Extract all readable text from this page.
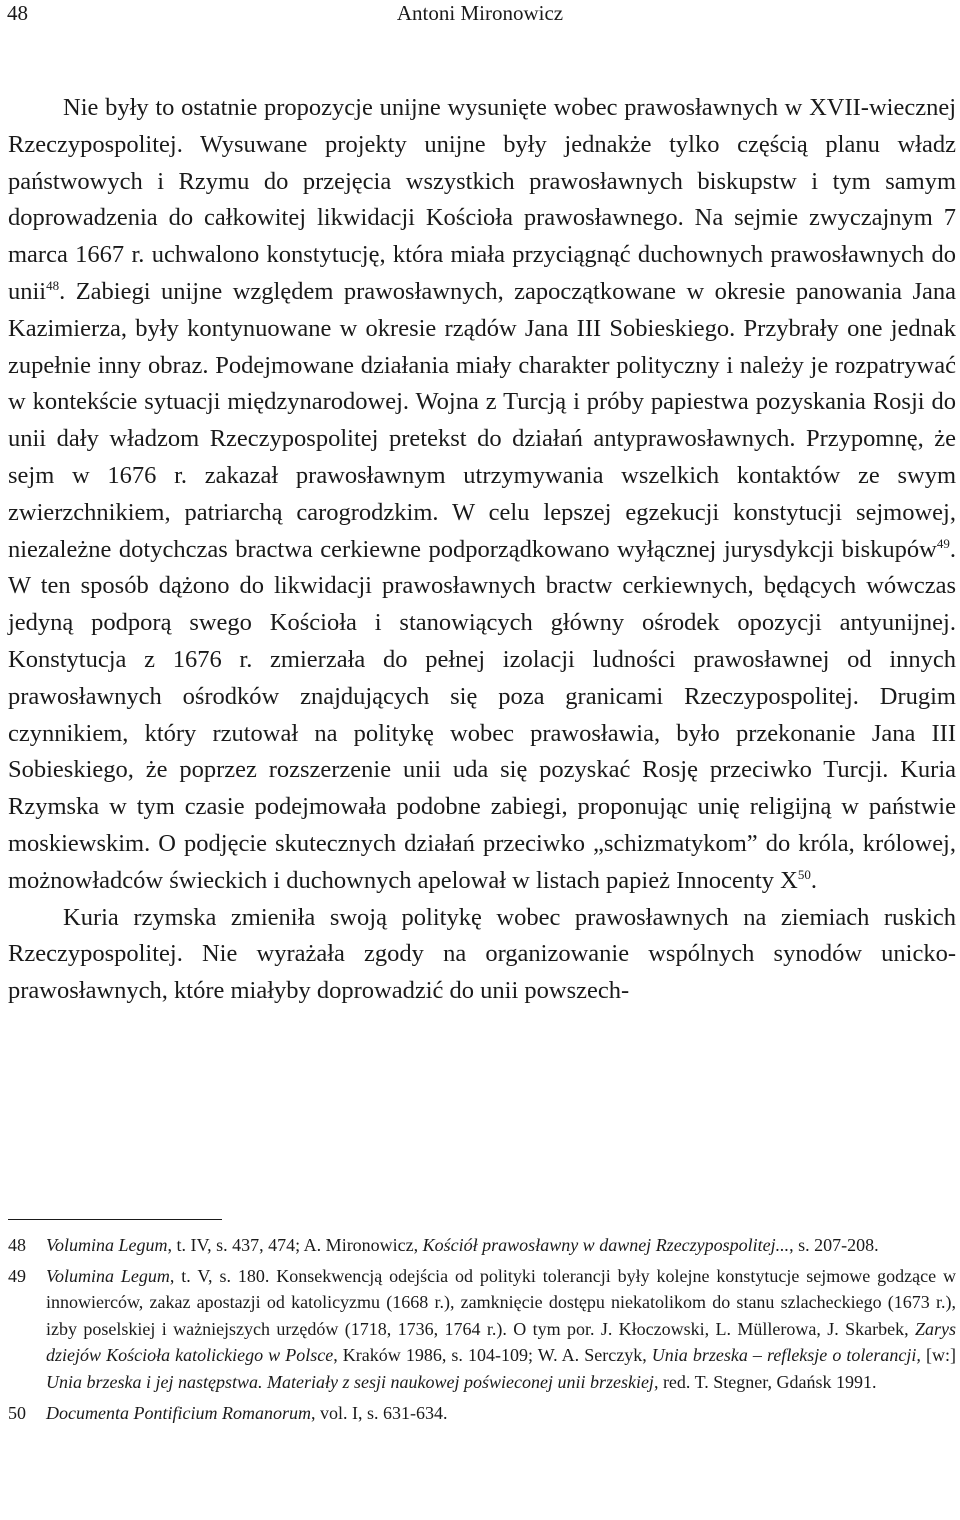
Antoni Mironowicz
48

Nie były to ostatnie propozycje unijne wysunięte wobec prawosławnych w XVII-wiecznej Rzeczypospolitej. Wysuwane projekty unijne były jednakże tylko częścią planu władz państwowych i Rzymu do przejęcia wszystkich prawosławnych biskupstw i tym samym doprowadzenia do całkowitej likwidacji Kościoła prawosławnego. Na sejmie zwyczajnym 7 marca 1667 r. uchwalono konstytucję, która miała przyciągnąć duchownych prawosławnych do unii$^{48}$. Zabiegi unijne względem prawosławnych, zapoczątkowane w okresie panowania Jana Kazimierza, były kontynuowane w okresie rządów Jana III Sobieskiego. Przybrały one jednak zupełnie inny obraz. Podejmowane działania miały charakter polityczny i należy je rozpatrywać w kontekście sytuacji międzynarodowej. Wojna z Turcją i próby papiestwa pozyskania Rosji do unii dały władzom Rzeczypospolitej pretekst do działań antyprawosławnych. Przypomnę, że sejm w 1676 r. zakazał prawosławnym utrzymywania wszelkich kontaktów ze swym zwierzchnikiem, patriarchą carogrodzkim. W celu lepszej egzekucji konstytucji sejmowej, niezależne dotychczas bractwa cerkiewne podporządkowano wyłącznej jurysdykcji biskupów$^{49}$. W ten sposób dążono do likwidacji prawosławnych bractw cerkiewnych, będących wówczas jedyną podporą swego Kościoła i stanowiących główny ośrodek opozycji antyunijnej. Konstytucja z 1676 r. zmierzała do pełnej izolacji ludności prawosławnej od innych prawosławnych ośrodków znajdujących się poza granicami Rzeczypospolitej. Drugim czynnikiem, który rzutował na politykę wobec prawosławia, było przekonanie Jana III Sobieskiego, że poprzez rozszerzenie unii uda się pozyskać Rosję przeciwko Turcji. Kuria Rzymska w tym czasie podejmowała podobne zabiegi, proponując unię religijną w państwie moskiewskim. O podjęcie skutecznych działań przeciwko „schizmatykom” do króla, królowej, możnowładców świeckich i duchownych apelował w listach papież Innocenty $X^{50}$.

Kuria rzymska zmieniła swoją politykę wobec prawosławnych na ziemiach ruskich Rzeczypospolitej. Nie wyrażała zgody na organizowanie wspólnych synodów unicko-prawosławnych, które miałyby doprowadzić do unii powszech-

48	Volumina Legum, t. IV, s. 437, 474; A. Mironowicz, Kościół prawosławny w dawnej Rzeczypospolitej..., s. 207-208.
49	Volumina Legum, t. V, s. 180. Konsekwencją odejścia od polityki tolerancji były kolejne konstytucje sejmowe godzące w innowierców, zakaz apostazji od katolicyzmu (1668 r.), zamknięcie dostępu niekatolikom do stanu szlacheckiego (1673 r.), izby poselskiej i ważniejszych urzędów (1718, 1736, 1764 r.). O tym por. J. Kłoczowski, L. Müllerowa, J. Skarbek, Zarys dziejów Kościoła katolickiego w Polsce, Kraków 1986, s. 104-109; W. A. Serczyk, Unia brzeska – refleksje o tolerancji, [w:] Unia brzeska i jej następstwa. Materiały z sesji naukowej poświeconej unii brzeskiej, red. T. Stegner, Gdańsk 1991.
50	Documenta Pontificium Romanorum, vol. I, s. 631-634.
